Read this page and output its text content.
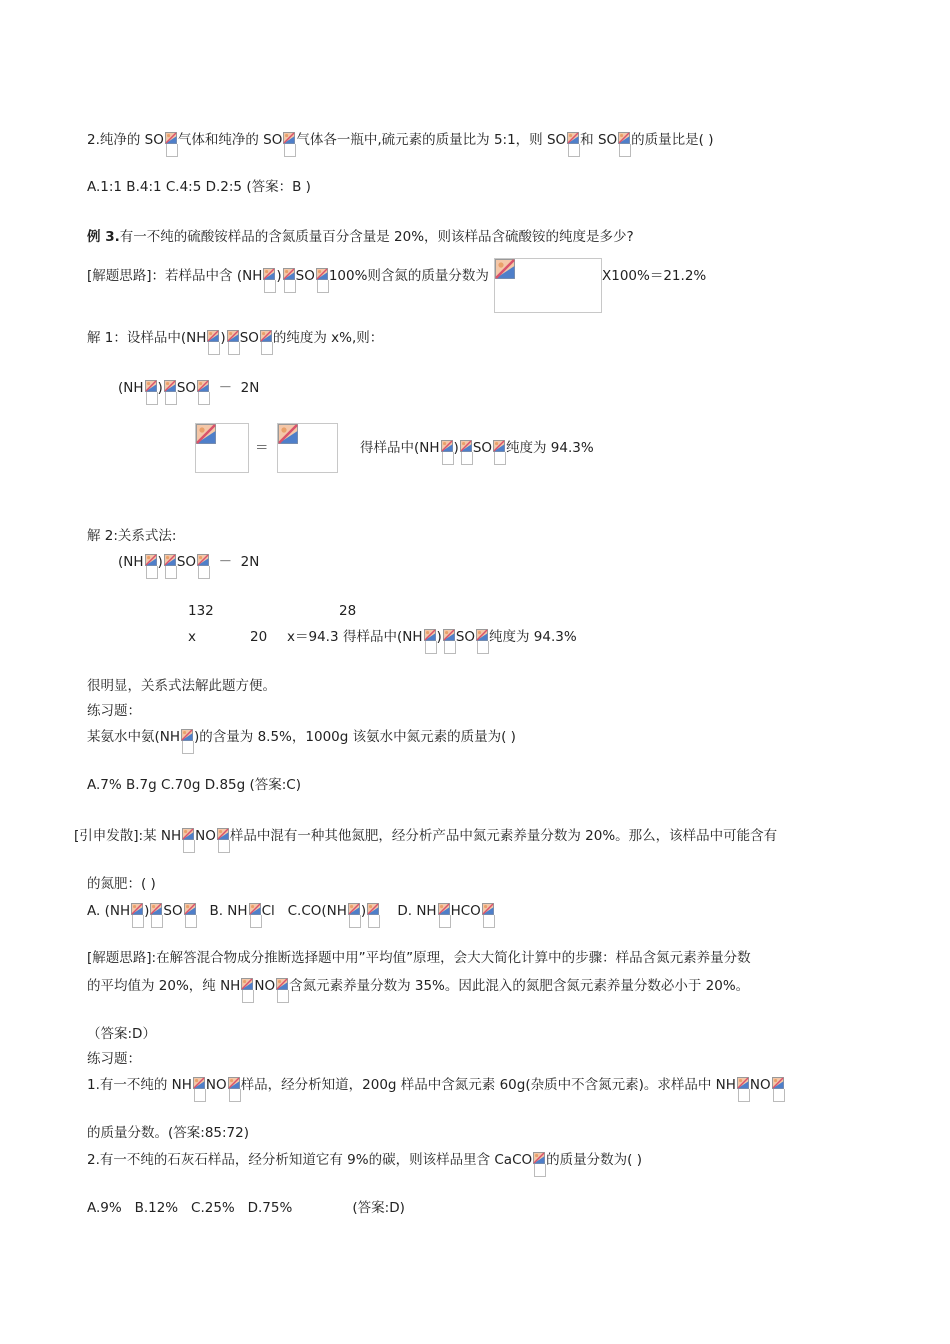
2.纯净的 SO 气体和纯净的 SO 气体各一瓶中,硫元素的质量比为 5:1，则 SO 和 SO 的质量比是( )
A.1:1 B.4:1 C.4:5 D.2:5 (答案：B )
例 3.有一不纯的硫酸铵样品的含氮质量百分含量是 20%，则该样品含硫酸铵的纯度是多少?
[解题思路]：若样品中含 (NH ) SO 100%则含氮的质量分数为	X100%＝21.2%
解 1：设样品中(NH ) SO 的纯度为 x%,则：
(NH ) SO
－  2N
＝	得样品中(NH ) SO 纯度为 94.3%
解 2:关系式法:
(NH ) SO
－  2N
132	28
x	20 x＝94.3 得样品中(NH ) SO 纯度为 94.3%
很明显，关系式法解此题方便。
练习题：
某氨水中氨(NH )的含量为 8.5%，1000g 该氨水中氮元素的质量为( )
A.7% B.7g C.70g D.85g (答案:C)
[引申发散]:某 NH NO 样品中混有一种其他氮肥，经分析产品中氮元素养量分数为 20%。那么，该样品中可能含有
的氮肥：( )
A. (NH ) SO
B. NH Cl   C.CO(NH )
D. NH HCO
[解题思路]:在解答混合物成分推断选择题中用”平均值”原理，会大大简化计算中的步骤：样品含氮元素养量分数
的平均值为 20%，纯 NH NO 含氮元素养量分数为 35%。因此混入的氮肥含氮元素养量分数必小于 20%。
（答案:D）
练习题：
1.有一不纯的 NH NO 样品，经分析知道，200g 样品中含氮元素 60g(杂质中不含氮元素)。求样品中 NH NO
的质量分数。(答案:85:72)
2.有一不纯的石灰石样品，经分析知道它有 9%的碳，则该样品里含 CaCO 的质量分数为( )
A.9%   B.12%   C.25%   D.75%              (答案:D)
